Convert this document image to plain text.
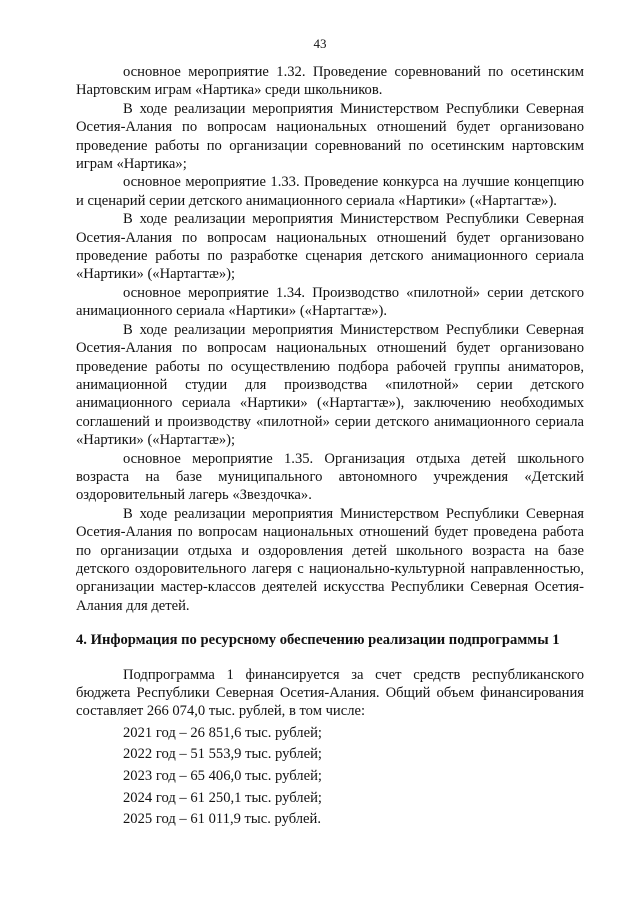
43

основное мероприятие 1.32. Проведение соревнований по осетинским Нартовским играм «Нартика» среди школьников.

В ходе реализации мероприятия Министерством Республики Северная Осетия-Алания по вопросам национальных отношений будет организовано проведение работы по организации соревнований по осетинским нартовским играм «Нартика»;

основное мероприятие 1.33. Проведение конкурса на лучшие концепцию и сценарий серии детского анимационного сериала «Нартики» («Нартагтæ»).

В ходе реализации мероприятия Министерством Республики Северная Осетия-Алания по вопросам национальных отношений будет организовано проведение работы по разработке сценария детского анимационного сериала «Нартики» («Нартагтæ»);

основное мероприятие 1.34. Производство «пилотной» серии детского анимационного сериала «Нартики» («Нартагтæ»).

В ходе реализации мероприятия Министерством Республики Северная Осетия-Алания по вопросам национальных отношений будет организовано проведение работы по осуществлению подбора рабочей группы аниматоров, анимационной студии для производства «пилотной» серии детского анимационного сериала «Нартики» («Нартагтæ»), заключению необходимых соглашений и производству «пилотной» серии детского анимационного сериала «Нартики» («Нартагтæ»);

основное мероприятие 1.35. Организация отдыха детей школьного возраста на базе муниципального автономного учреждения «Детский оздоровительный лагерь «Звездочка».

В ходе реализации мероприятия Министерством Республики Северная Осетия-Алания по вопросам национальных отношений будет проведена работа по организации отдыха и оздоровления детей школьного возраста на базе детского оздоровительного лагеря с национально-культурной направленностью, организации мастер-классов деятелей искусства Республики Северная Осетия-Алания для детей.

4. Информация по ресурсному обеспечению реализации подпрограммы 1

Подпрограмма 1 финансируется за счет средств республиканского бюджета Республики Северная Осетия-Алания. Общий объем финансирования составляет 266 074,0 тыс. рублей, в том числе:

2021 год – 26 851,6 тыс. рублей;
2022 год – 51 553,9 тыс. рублей;
2023 год – 65 406,0 тыс. рублей;
2024 год – 61 250,1 тыс. рублей;
2025 год – 61 011,9 тыс. рублей.
